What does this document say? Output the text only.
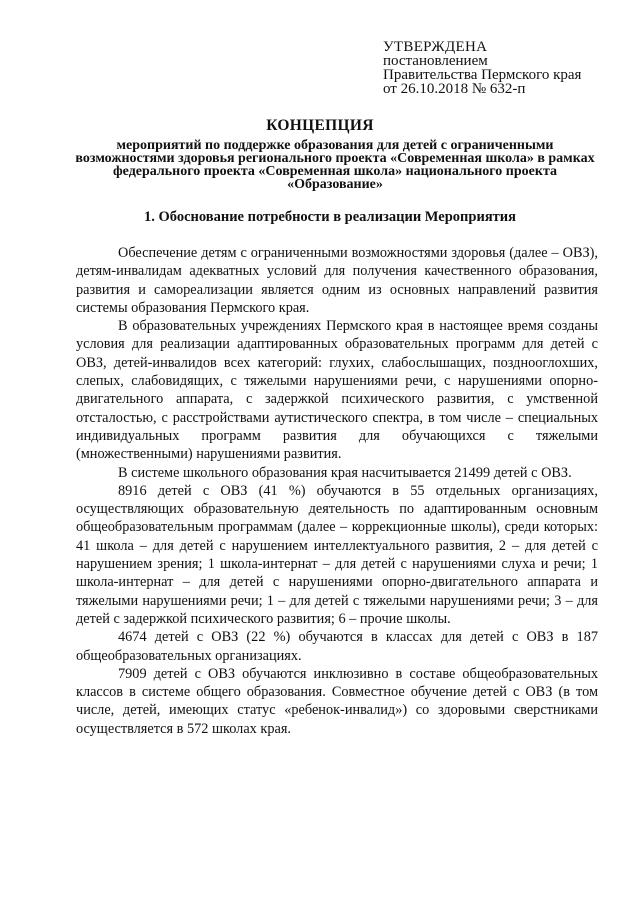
УТВЕРЖДЕНА
постановлением
Правительства Пермского края
от 26.10.2018 № 632-п
КОНЦЕПЦИЯ
мероприятий по поддержке образования для детей с ограниченными возможностями здоровья регионального проекта «Современная школа» в рамках федерального проекта «Современная школа» национального проекта «Образование»
1. Обоснование потребности в реализации Мероприятия

Обеспечение детям с ограниченными возможностями здоровья (далее – ОВЗ), детям-инвалидам адекватных условий для получения качественного образования, развития и самореализации является одним из основных направлений развития системы образования Пермского края.

В образовательных учреждениях Пермского края в настоящее время созданы условия для реализации адаптированных образовательных программ для детей с ОВЗ, детей-инвалидов всех категорий: глухих, слабослышащих, позднооглохших, слепых, слабовидящих, с тяжелыми нарушениями речи, с нарушениями опорно-двигательного аппарата, с задержкой психического развития, с умственной отсталостью, с расстройствами аутистического спектра, в том числе – специальных индивидуальных программ развития для обучающихся с тяжелыми (множественными) нарушениями развития.

В системе школьного образования края насчитывается 21499 детей с ОВЗ.

8916 детей с ОВЗ (41 %) обучаются в 55 отдельных организациях, осуществляющих образовательную деятельность по адаптированным основным общеобразовательным программам (далее – коррекционные школы), среди которых: 41 школа – для детей с нарушением интеллектуального развития, 2 – для детей с нарушением зрения; 1 школа-интернат – для детей с нарушениями слуха и речи; 1 школа-интернат – для детей с нарушениями опорно-двигательного аппарата и тяжелыми нарушениями речи; 1 – для детей с тяжелыми нарушениями речи; 3 – для детей с задержкой психического развития; 6 – прочие школы.

4674 детей с ОВЗ (22 %) обучаются в классах для детей с ОВЗ в 187 общеобразовательных организациях.

7909 детей с ОВЗ обучаются инклюзивно в составе общеобразовательных классов в системе общего образования. Совместное обучение детей с ОВЗ (в том числе, детей, имеющих статус «ребенок-инвалид») со здоровыми сверстниками осуществляется в 572 школах края.
